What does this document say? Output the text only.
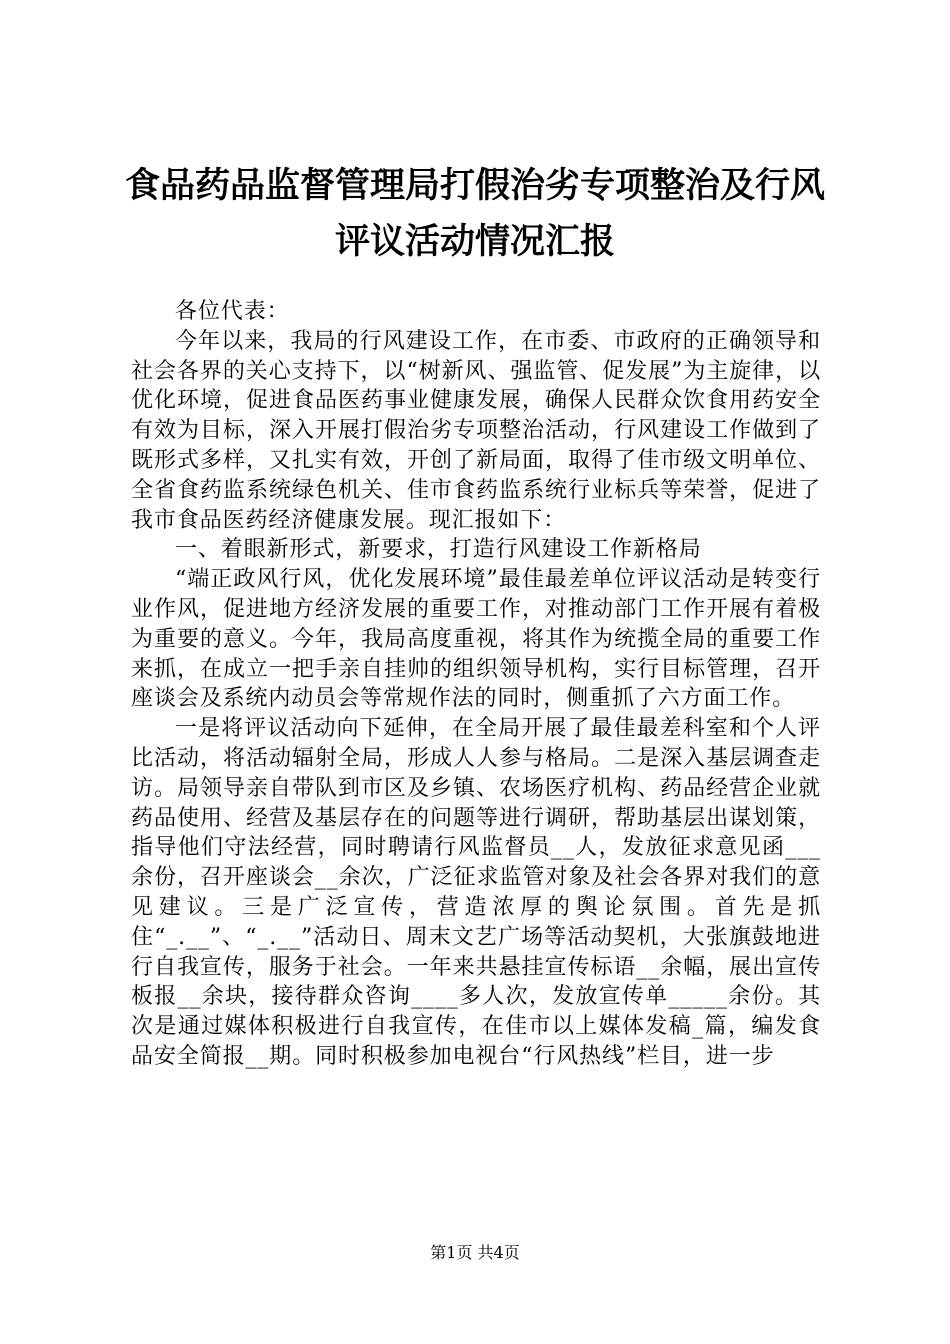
食品药品监督管理局打假治劣专项整治及行风
评议活动情况汇报

各位代表：

今年以来，我局的行风建设工作，在市委、市政府的正确领导和社会各界的关心支持下，以“树新风、强监管、促发展”为主旋律，以优化环境，促进食品医药事业健康发展，确保人民群众饮食用药安全有效为目标，深入开展打假治劣专项整治活动，行风建设工作做到了既形式多样，又扎实有效，开创了新局面，取得了佳市级文明单位、全省食药监系统绿色机关、佳市食药监系统行业标兵等荣誉，促进了我市食品医药经济健康发展。现汇报如下：

一、着眼新形式，新要求，打造行风建设工作新格局

“端正政风行风，优化发展环境”最佳最差单位评议活动是转变行业作风，促进地方经济发展的重要工作，对推动部门工作开展有着极为重要的意义。今年，我局高度重视，将其作为统揽全局的重要工作来抓，在成立一把手亲自挂帅的组织领导机构，实行目标管理，召开座谈会及系统内动员会等常规作法的同时，侧重抓了六方面工作。

一是将评议活动向下延伸，在全局开展了最佳最差科室和个人评比活动，将活动辐射全局，形成人人参与格局。二是深入基层调查走访。局领导亲自带队到市区及乡镇、农场医疗机构、药品经营企业就药品使用、经营及基层存在的问题等进行调研，帮助基层出谋划策，指导他们守法经营，同时聘请行风监督员__人，发放征求意见函___余份，召开座谈会__余次，广泛征求监管对象及社会各界对我们的意见建议。三是广泛宣传，营造浓厚的舆论氛围。首先是抓住“_.__”、“_.__”活动日、周末文艺广场等活动契机，大张旗鼓地进行自我宣传，服务于社会。一年来共悬挂宣传标语__余幅，展出宣传板报__余块，接待群众咨询____多人次，发放宣传单_____余份。其次是通过媒体积极进行自我宣传，在佳市以上媒体发稿_篇，编发食品安全简报__期。同时积极参加电视台“行风热线”栏目，进一步

第1页 共4页
